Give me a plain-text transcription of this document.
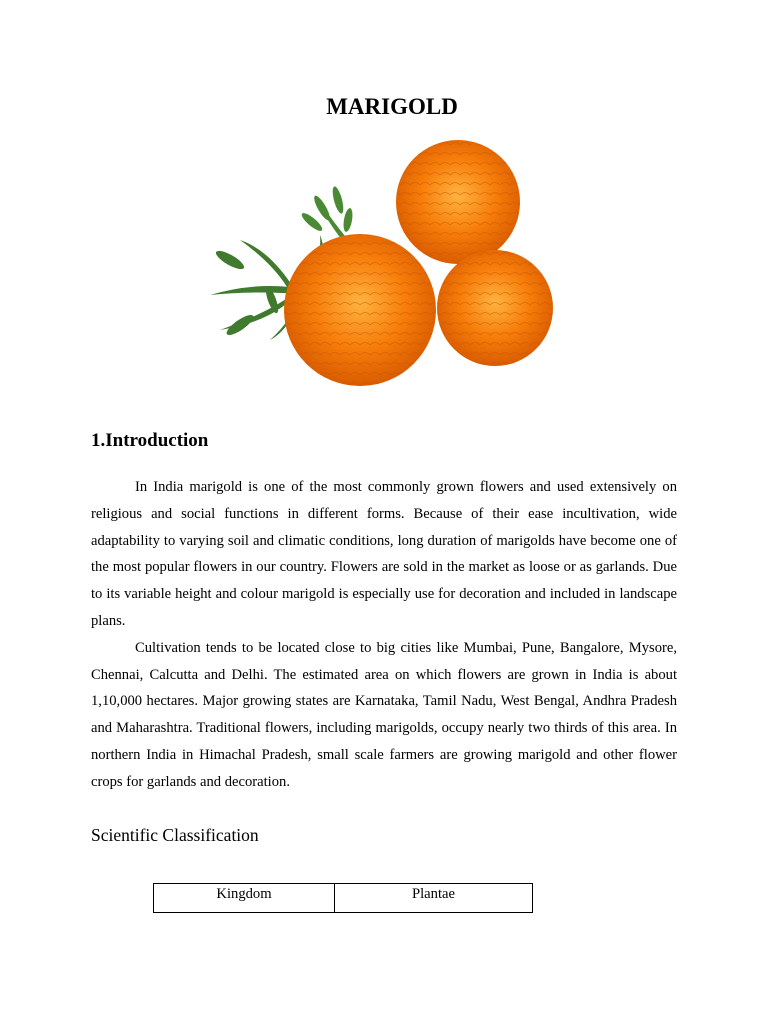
MARIGOLD
1.Introduction

In India marigold is one of the most commonly grown flowers and used extensively on religious and social functions in different forms. Because of their ease incultivation, wide adaptability to varying soil and climatic conditions, long duration of marigolds have become one of the most popular flowers in our country. Flowers are sold in the market as loose or as garlands. Due to its variable height and colour marigold is especially use for decoration and included in landscape plans.

Cultivation tends to be located close to big cities like Mumbai, Pune, Bangalore, Mysore, Chennai, Calcutta and Delhi. The estimated area on which flowers are grown in India is about 1,10,000 hectares. Major growing states are Karnataka, Tamil Nadu, West Bengal, Andhra Pradesh and Maharashtra. Traditional flowers, including marigolds, occupy nearly two thirds of this area. In northern India in Himachal Pradesh, small scale farmers are growing marigold and other flower crops for garlands and decoration.

Scientific Classification
Kingdom	Plantae
